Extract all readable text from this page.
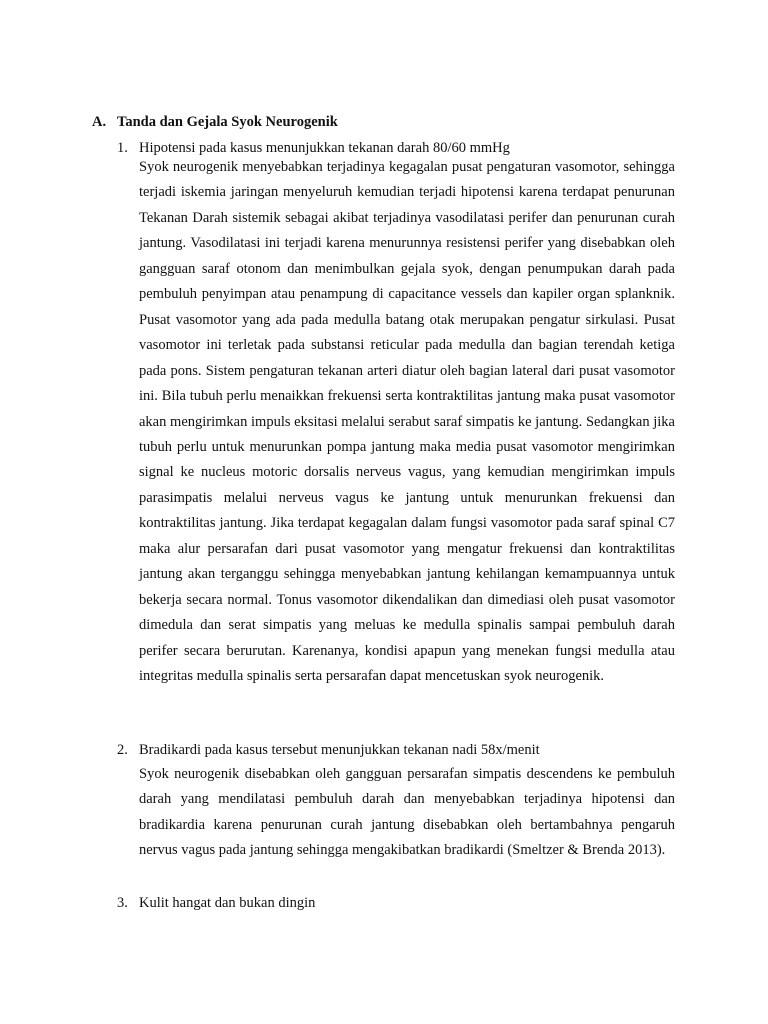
A. Tanda dan Gejala Syok Neurogenik
1. Hipotensi pada kasus menunjukkan tekanan darah 80/60 mmHg

Syok neurogenik menyebabkan terjadinya kegagalan pusat pengaturan vasomotor, sehingga terjadi iskemia jaringan menyeluruh kemudian terjadi hipotensi karena terdapat penurunan Tekanan Darah sistemik sebagai akibat terjadinya vasodilatasi perifer dan penurunan curah jantung. Vasodilatasi ini terjadi karena menurunnya resistensi perifer yang disebabkan oleh gangguan saraf otonom dan menimbulkan gejala syok, dengan penumpukan darah pada pembuluh penyimpan atau penampung di capacitance vessels dan kapiler organ splanknik. Pusat vasomotor yang ada pada medulla batang otak merupakan pengatur sirkulasi. Pusat vasomotor ini terletak pada substansi reticular pada medulla dan bagian terendah ketiga pada pons. Sistem pengaturan tekanan arteri diatur oleh bagian lateral dari pusat vasomotor ini. Bila tubuh perlu menaikkan frekuensi serta kontraktilitas jantung maka pusat vasomotor akan mengirimkan impuls eksitasi melalui serabut saraf simpatis ke jantung. Sedangkan jika tubuh perlu untuk menurunkan pompa jantung maka media pusat vasomotor mengirimkan signal ke nucleus motoric dorsalis nerveus vagus, yang kemudian mengirimkan impuls parasimpatis melalui nerveus vagus ke jantung untuk menurunkan frekuensi dan kontraktilitas jantung. Jika terdapat kegagalan dalam fungsi vasomotor pada saraf spinal C7 maka alur persarafan dari pusat vasomotor yang mengatur frekuensi dan kontraktilitas jantung akan terganggu sehingga menyebabkan jantung kehilangan kemampuannya untuk bekerja secara normal. Tonus vasomotor dikendalikan dan dimediasi oleh pusat vasomotor dimedula dan serat simpatis yang meluas ke medulla spinalis sampai pembuluh darah perifer secara berurutan. Karenanya, kondisi apapun yang menekan fungsi medulla atau integritas medulla spinalis serta persarafan dapat mencetuskan syok neurogenik.

2. Bradikardi pada kasus tersebut menunjukkan tekanan nadi 58x/menit

Syok neurogenik disebabkan oleh gangguan persarafan simpatis descendens ke pembuluh darah yang mendilatasi pembuluh darah dan menyebabkan terjadinya hipotensi dan bradikardia karena penurunan curah jantung disebabkan oleh bertambahnya pengaruh nervus vagus pada jantung sehingga mengakibatkan bradikardi (Smeltzer & Brenda 2013).

3. Kulit hangat dan bukan dingin
